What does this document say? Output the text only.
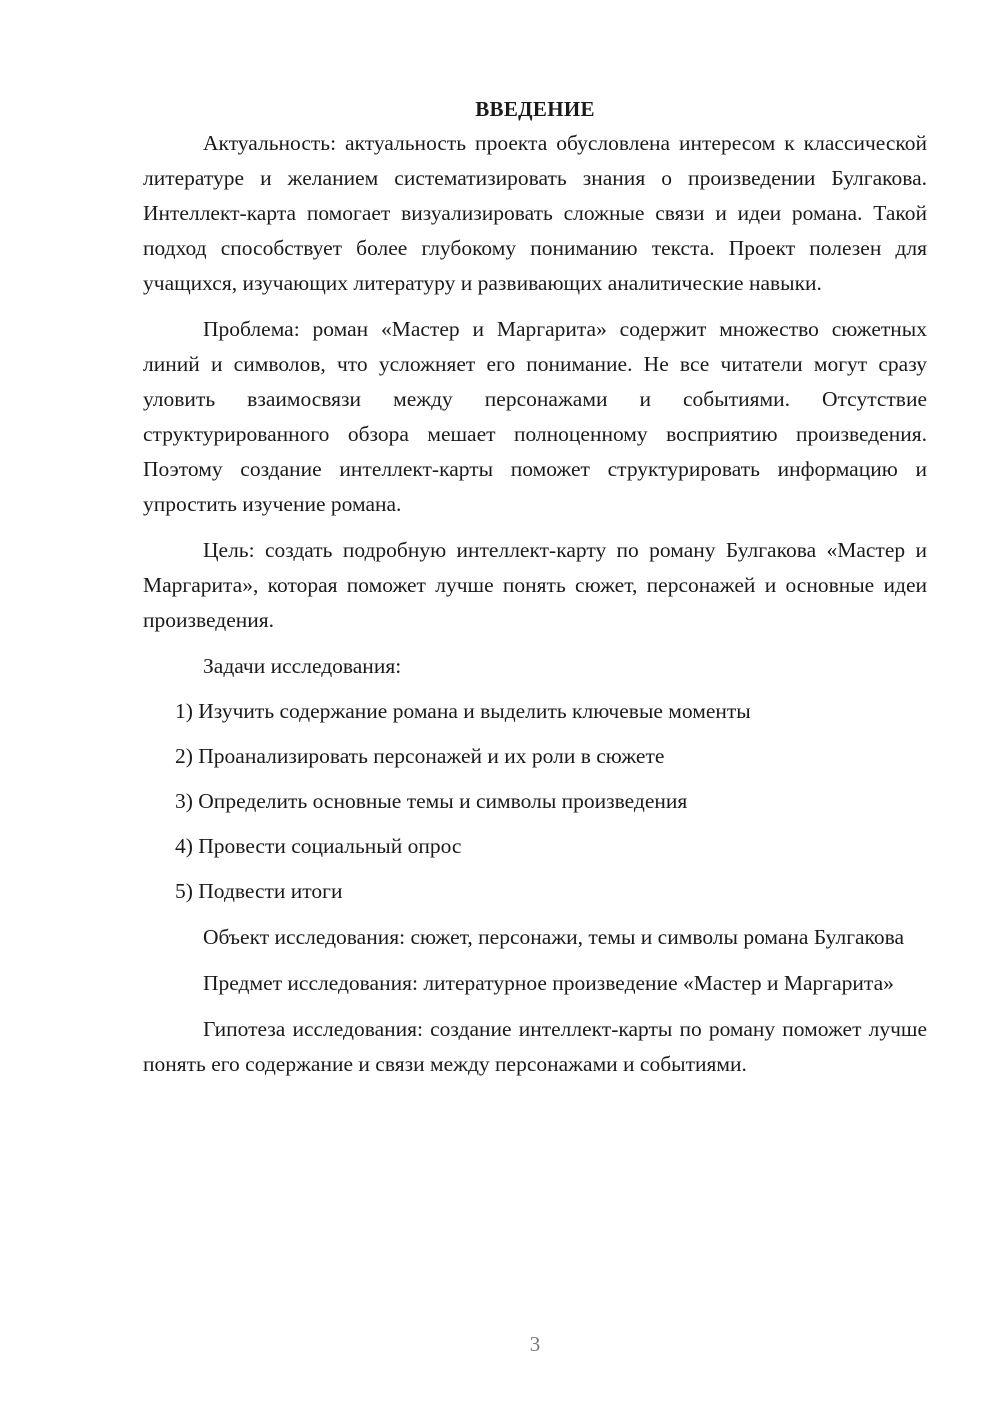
ВВЕДЕНИЕ

Актуальность: актуальность проекта обусловлена интересом к классической литературе и желанием систематизировать знания о произведении Булгакова. Интеллект-карта помогает визуализировать сложные связи и идеи романа. Такой подход способствует более глубокому пониманию текста. Проект полезен для учащихся, изучающих литературу и развивающих аналитические навыки.

Проблема: роман «Мастер и Маргарита» содержит множество сюжетных линий и символов, что усложняет его понимание. Не все читатели могут сразу уловить взаимосвязи между персонажами и событиями. Отсутствие структурированного обзора мешает полноценному восприятию произведения. Поэтому создание интеллект-карты поможет структурировать информацию и упростить изучение романа.

Цель: создать подробную интеллект-карту по роману Булгакова «Мастер и Маргарита», которая поможет лучше понять сюжет, персонажей и основные идеи произведения.

Задачи исследования:

1) Изучить содержание романа и выделить ключевые моменты
2) Проанализировать персонажей и их роли в сюжете
3) Определить основные темы и символы произведения
4) Провести социальный опрос
5) Подвести итоги

Объект исследования: сюжет, персонажи, темы и символы романа Булгакова

Предмет исследования: литературное произведение «Мастер и Маргарита»

Гипотеза исследования: создание интеллект-карты по роману поможет лучше понять его содержание и связи между персонажами и событиями.

3
